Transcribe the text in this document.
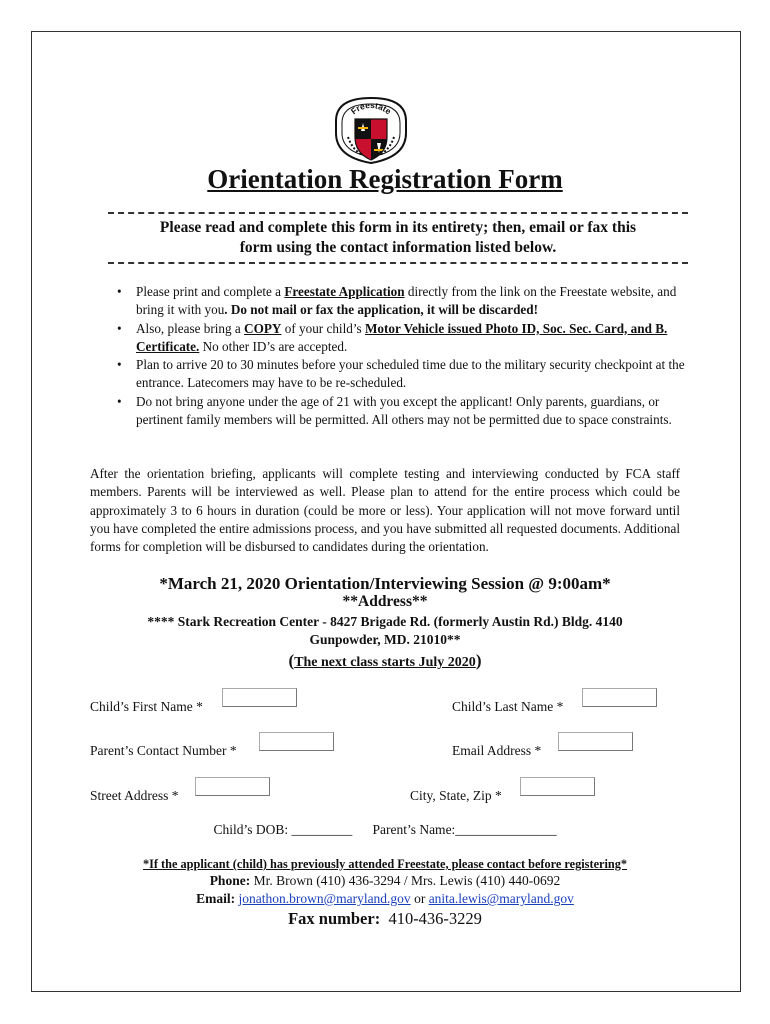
Freestate
Orientation Registration Form
Please read and complete this form in its entirety; then, email or fax this
form using the contact information listed below.
• Please print and complete a Freestate Application directly from the link on the Freestate website, and bring it with you. Do not mail or fax the application, it will be discarded!
• Also, please bring a COPY of your child’s Motor Vehicle issued Photo ID, Soc. Sec. Card, and B. Certificate. No other ID’s are accepted.
• Plan to arrive 20 to 30 minutes before your scheduled time due to the military security checkpoint at the entrance. Latecomers may have to be re-scheduled.
• Do not bring anyone under the age of 21 with you except the applicant! Only parents, guardians, or pertinent family members will be permitted. All others may not be permitted due to space constraints.
After the orientation briefing, applicants will complete testing and interviewing conducted by FCA staff members. Parents will be interviewed as well. Please plan to attend for the entire process which could be approximately 3 to 6 hours in duration (could be more or less). Your application will not move forward until you have completed the entire admissions process, and you have submitted all requested documents. Additional forms for completion will be disbursed to candidates during the orientation.
*March 21, 2020 Orientation/Interviewing Session @ 9:00am*
**Address**
**** Stark Recreation Center - 8427 Brigade Rd. (formerly Austin Rd.) Bldg. 4140
Gunpowder, MD. 21010**
(The next class starts July 2020)
Child’s First Name *	Child’s Last Name *
Parent’s Contact Number *	Email Address *
Street Address *	City, State, Zip *
Child’s DOB: _________ Parent’s Name:_______________
*If the applicant (child) has previously attended Freestate, please contact before registering*
Phone: Mr. Brown (410) 436-3294 / Mrs. Lewis (410) 440-0692
Email: jonathon.brown@maryland.gov or anita.lewis@maryland.gov
Fax number: 410-436-3229
